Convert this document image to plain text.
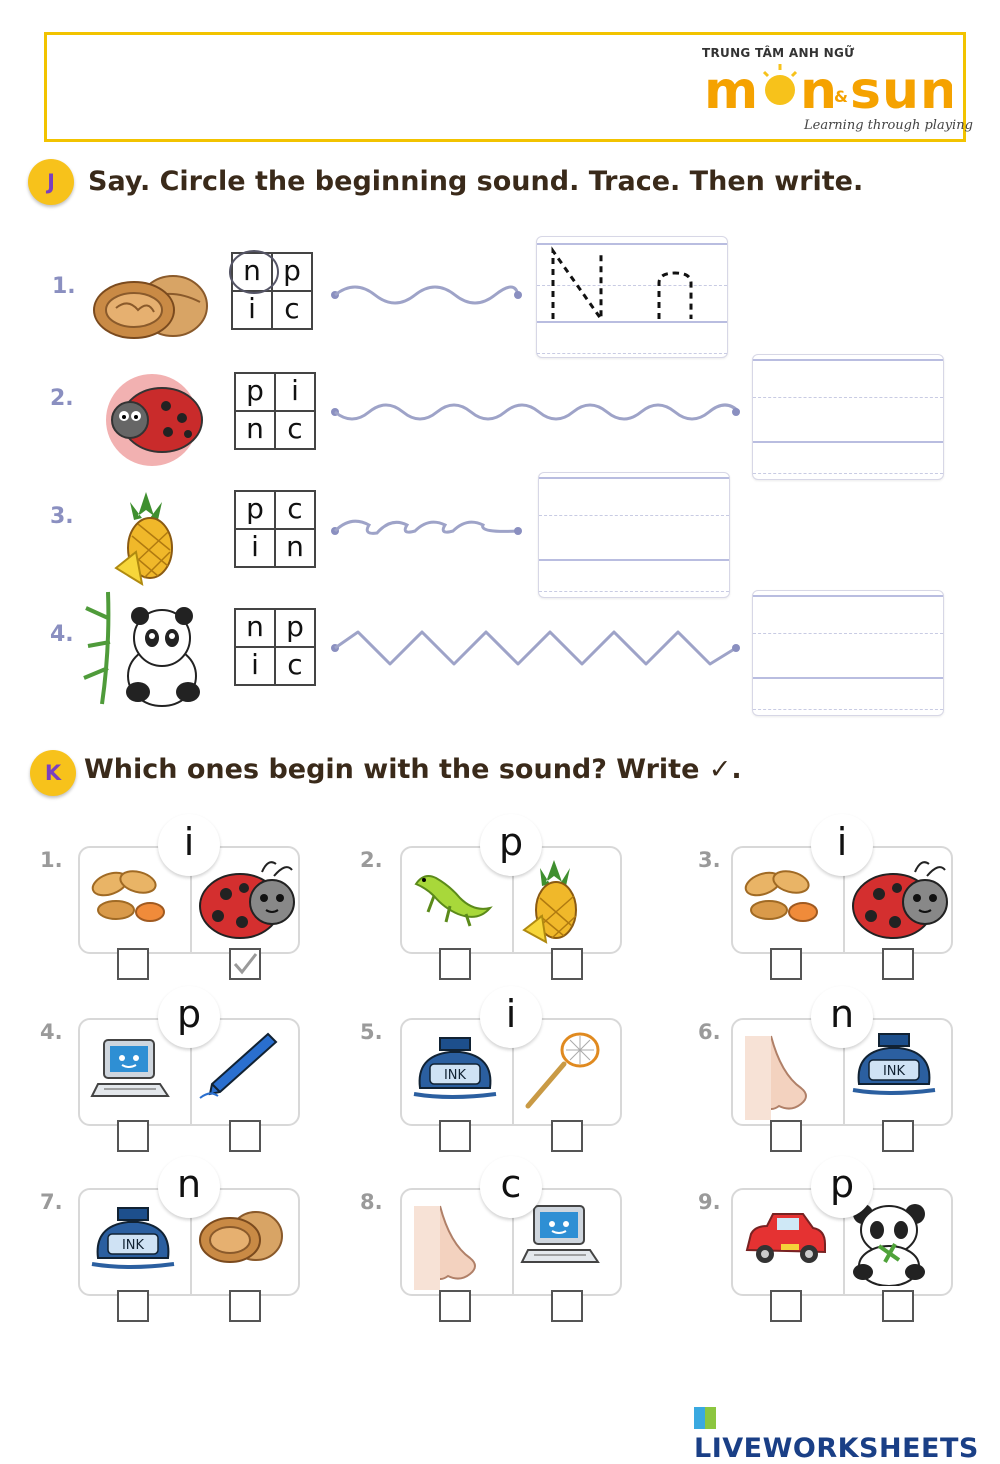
TRUNG TÂM ANH NGỮ
m n
& sun
Learning through playing
J	Say. Circle the beginning sound. Trace. Then write.
1.	n p
i	c
2.	p i
n c
3.	p c
i n
4.	n p
i	c
K Which ones begin with the sound? Write ✓.
1.	i	2.	p	3.	i
4.	p	5.
INK
i	6.
INK
n
7.
INK
n	8.	c	9.	p
LIVEWORKSHEETS
